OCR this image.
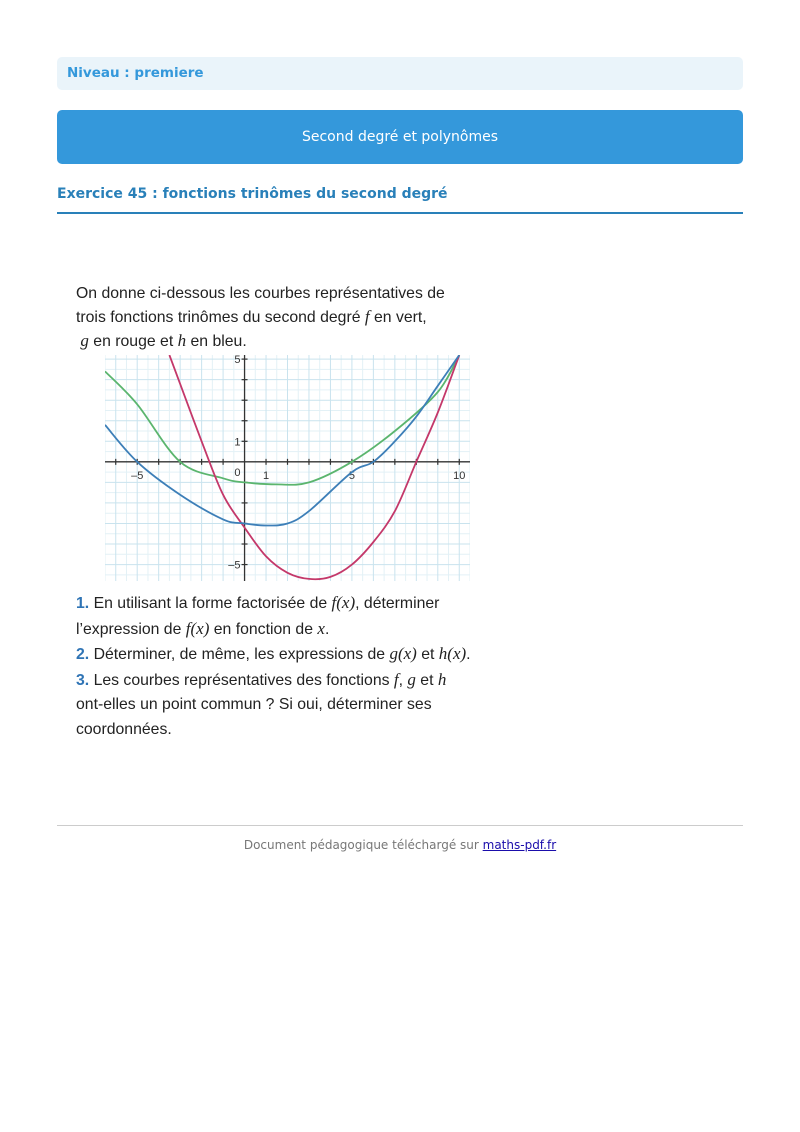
Niveau : premiere
Second degré et polynômes
Exercice 45 : fonctions trinômes du second degré

On donne ci-dessous les courbes représentatives de

trois fonctions trinômes du second degré f en vert,

g en rouge et h en bleu.

–5	0 1	5	10
5
1
–5

1. En utilisant la forme factorisée de f(x), déterminer

l’expression de f(x) en fonction de x.

2. Déterminer, de même, les expressions de g(x) et h(x).

3. Les courbes représentatives des fonctions f, g et h

ont-elles un point commun ? Si oui, déterminer ses

coordonnées.

Document pédagogique téléchargé sur maths-pdf.fr
